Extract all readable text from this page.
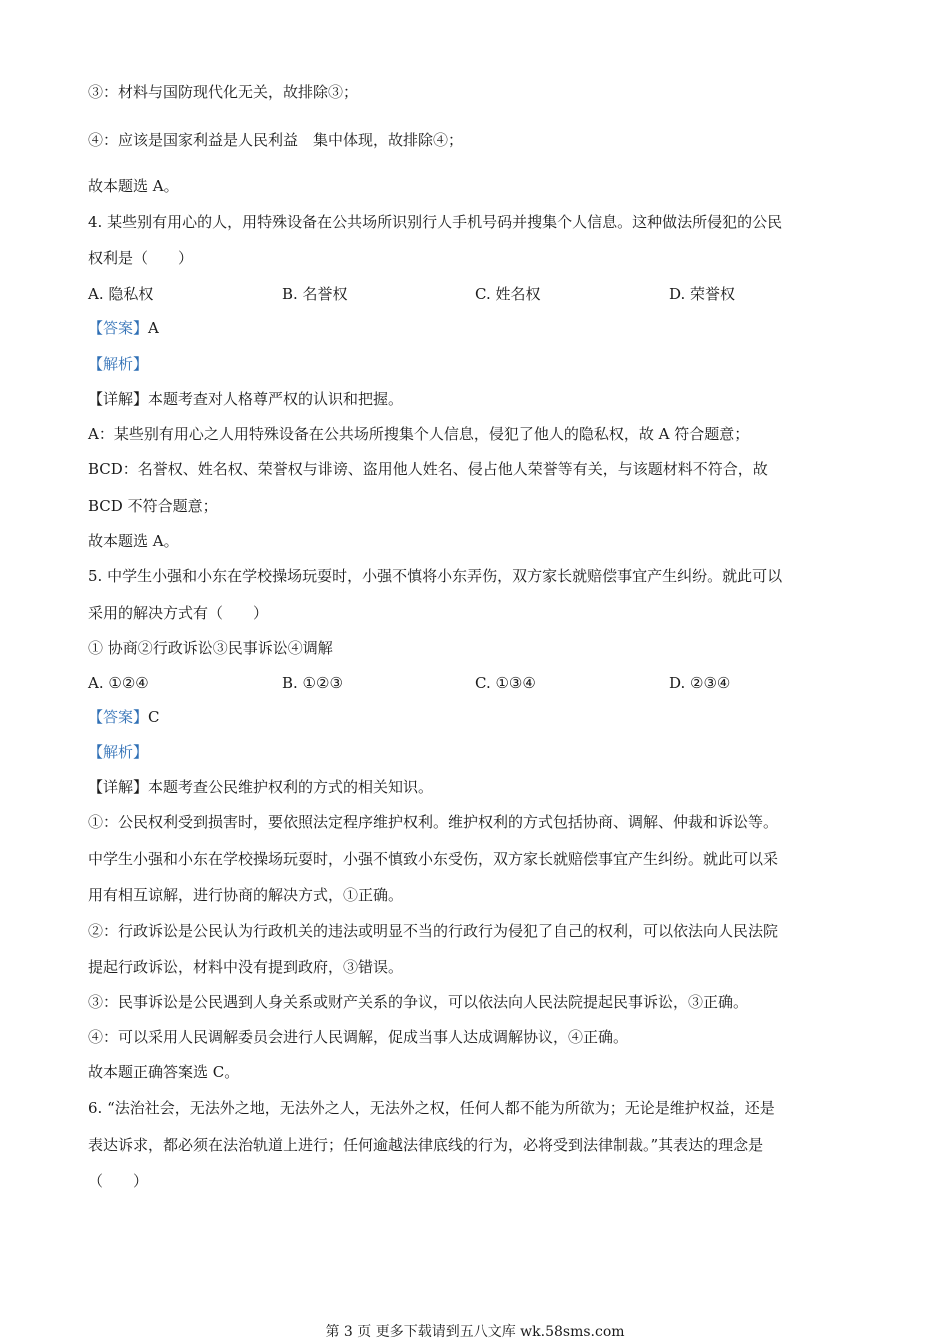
③：材料与国防现代化无关，故排除③；
④：应该是国家利益是人民利益　集中体现，故排除④；
故本题选 A。
4. 某些别有用心的人，用特殊设备在公共场所识别行人手机号码并搜集个人信息。这种做法所侵犯的公民
权利是（　　）
A. 隐私权	B. 名誉权	C. 姓名权	D. 荣誉权
【答案】A
【解析】
【详解】本题考查对人格尊严权的认识和把握。
A：某些别有用心之人用特殊设备在公共场所搜集个人信息，侵犯了他人的隐私权，故 A 符合题意；
BCD：名誉权、姓名权、荣誉权与诽谤、盗用他人姓名、侵占他人荣誉等有关，与该题材料不符合，故
BCD 不符合题意；
故本题选 A。
5. 中学生小强和小东在学校操场玩耍时，小强不慎将小东弄伤，双方家长就赔偿事宜产生纠纷。就此可以
采用的解决方式有（　　）
① 协商②行政诉讼③民事诉讼④调解
A. ①②④	B. ①②③	C. ①③④	D. ②③④
【答案】C
【解析】
【详解】本题考查公民维护权利的方式的相关知识。
①：公民权利受到损害时，要依照法定程序维护权利。维护权利的方式包括协商、调解、仲裁和诉讼等。
中学生小强和小东在学校操场玩耍时，小强不慎致小东受伤，双方家长就赔偿事宜产生纠纷。就此可以采
用有相互谅解，进行协商的解决方式，①正确。
②：行政诉讼是公民认为行政机关的违法或明显不当的行政行为侵犯了自己的权利，可以依法向人民法院
提起行政诉讼，材料中没有提到政府，③错误。
③：民事诉讼是公民遇到人身关系或财产关系的争议，可以依法向人民法院提起民事诉讼，③正确。
④：可以采用人民调解委员会进行人民调解，促成当事人达成调解协议，④正确。
故本题正确答案选 C。
6. “法治社会，无法外之地，无法外之人，无法外之权，任何人都不能为所欲为；无论是维护权益，还是
表达诉求，都必须在法治轨道上进行；任何逾越法律底线的行为，必将受到法律制裁。”其表达的理念是
（　　）
第 3 页 更多下载请到五八文库 wk.58sms.com
